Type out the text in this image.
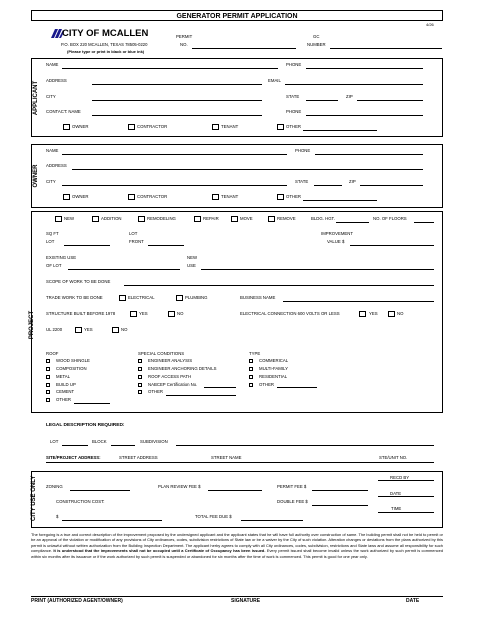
GENERATOR PERMIT APPLICATION
4/26
CITY OF MCALLEN
P.O. BOX 220 MCALLEN, TEXAS 78505-0220
(Please type or print in black or blue ink)
PERMIT
NO.
GC
NUMBER
APPLICANT
NAME	PHONE
ADDRESS	EMAIL
CITY	STATE	ZIP
CONTACT: NAME	PHONE
OWNER	CONTRACTOR	TENANT	OTHER
OWNER
NAME	PHONE
ADDRESS
CITY	STATE	ZIP
OWNER	CONTRACTOR	TENANT	OTHER
PROJECT
NEW	ADDITION	REMODELING	REPAIR	MOVE	REMOVE	BLDG. HGT.	NO. OF FLOORS
SQ FT
LOT
LOT
FRONT
IMPROVEMENT
VALUE $
EXISTING USE
OF LOT
NEW
USE
SCOPE OF WORK TO BE DONE
TRADE WORK TO BE DONE	ELECTRICAL	PLUMBING	BUSINESS NAME
STRUCTURE BUILT BEFORE 1978	YES	NO	ELECTRICAL CONNECTION 600 VOLTS OR LESS	YES	NO
UL 2200	YES	NO
ROOF
WOOD SHINGLE
COMPOSITION
METAL
BUILD UP
CEMENT
OTHER
SPECIAL CONDITIONS
ENGINEER ANALYSIS
ENGINEER ANCHORING DETAILS
ROOF ACCESS PATH
NABCEP Certification No.
OTHER
TYPE
COMMERICAL
MULTI-FAMILY
RESIDENTIAL
OTHER
LEGAL DESCRIPTION REQUIRED:
LOT	BLOCK	SUBDIVISION
SITE/PROJECT ADDRESS:	STREET ADDRESS	STREET NAME	STE/UNIT NO.
CITY USE ONLY	RECD BY
ZONING	PLAN REVIEW FEE $	PERMIT FEE $
DATE
CONSTRUCTION COST:	DOUBLE FEE $
TIME
$	TOTAL FEE DUE $
The foregoing is a true and correct description of the improvement proposed by the undersigned applicant and the applicant states that he will have full authority over construction of same. The building permit shall not be held to permit or be an approval of the violation or modification of any provisions of City ordinances, codes, subdivision restrictions of State law or be a waiver by the City of such violation. Alteration changes or deviations from the plans authorized by this permit is unlawful without written authorization from the Building Inspection Department. The applicant herby agrees to comply with all City ordinances, codes, subdivision, restrictions and State laws and assume all responsibility for such compliance. It is understood that the improvements shall not be occupied until a Certificate of Occupancy has been issued. Every permit issued shall become invalid unless the work authorized by such permit is commenced within six months after its issuance or if the work authorized by such permit is suspended or abandoned for six months after the time of work is commenced. This permit is good for one year only.
PRINT (AUTHORIZED AGENT/OWNER)	SIGNATURE	DATE
